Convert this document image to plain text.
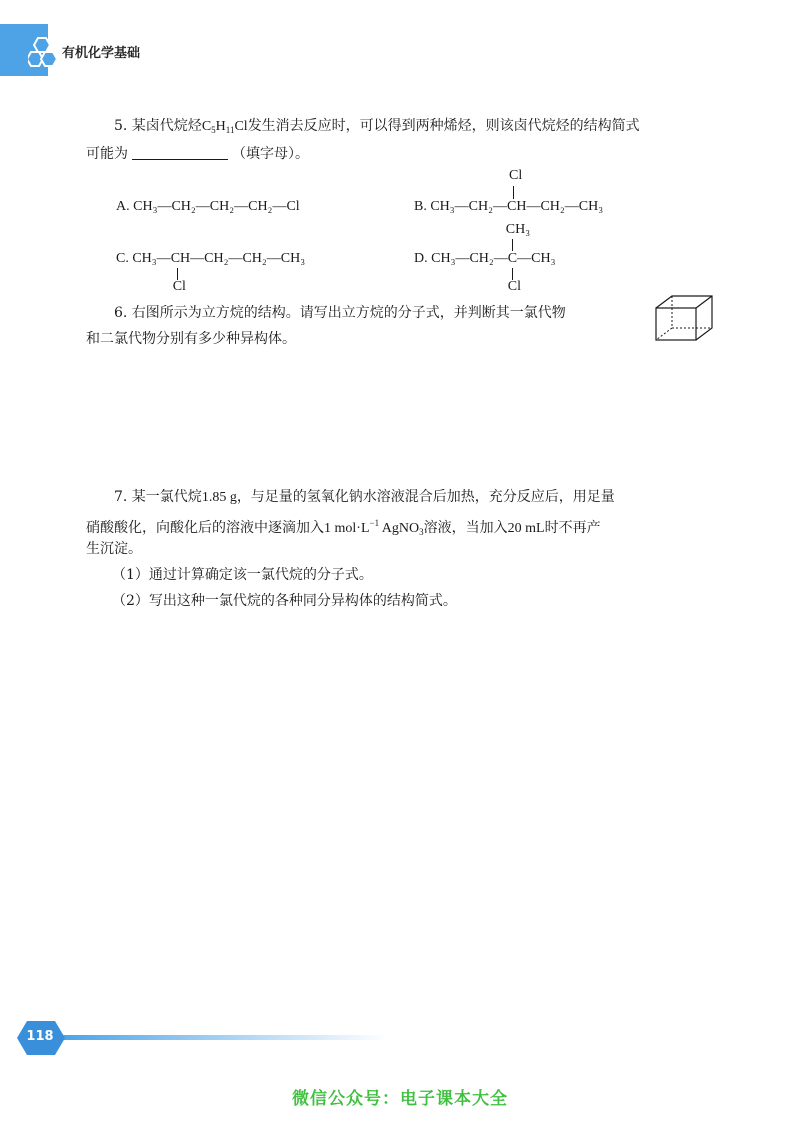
有机化学基础
5. 某卤代烷烃$C_5H_{11}Cl$发生消去反应时，可以得到两种烯烃，则该卤代烷烃的结构简式
可能为	（填字母）。
A. CH₃—CH₂—CH₂—CH₂—Cl	B. CH₃—CH₂—CH
Cl
—CH₂—CH₃
C. CH₃—CH
Cl
—CH₂—CH₂—CH₃	D. CH₃—CH₂—C
CH₃
Cl
—CH₃
6. 右图所示为立方烷的结构。请写出立方烷的分子式，并判断其一氯代物
和二氯代物分别有多少种异构体。
7. 某一氯代烷1.85 g，与足量的氢氧化钠水溶液混合后加热，充分反应后，用足量
硝酸酸化，向酸化后的溶液中逐滴加入1 $mol\cdot L^{-1}$ AgNO$_3$溶液，当加入20 mL时不再产
生沉淀。
（1）通过计算确定该一氯代烷的分子式。
（2）写出这种一氯代烷的各种同分异构体的结构简式。
118
微信公众号：电子课本大全
